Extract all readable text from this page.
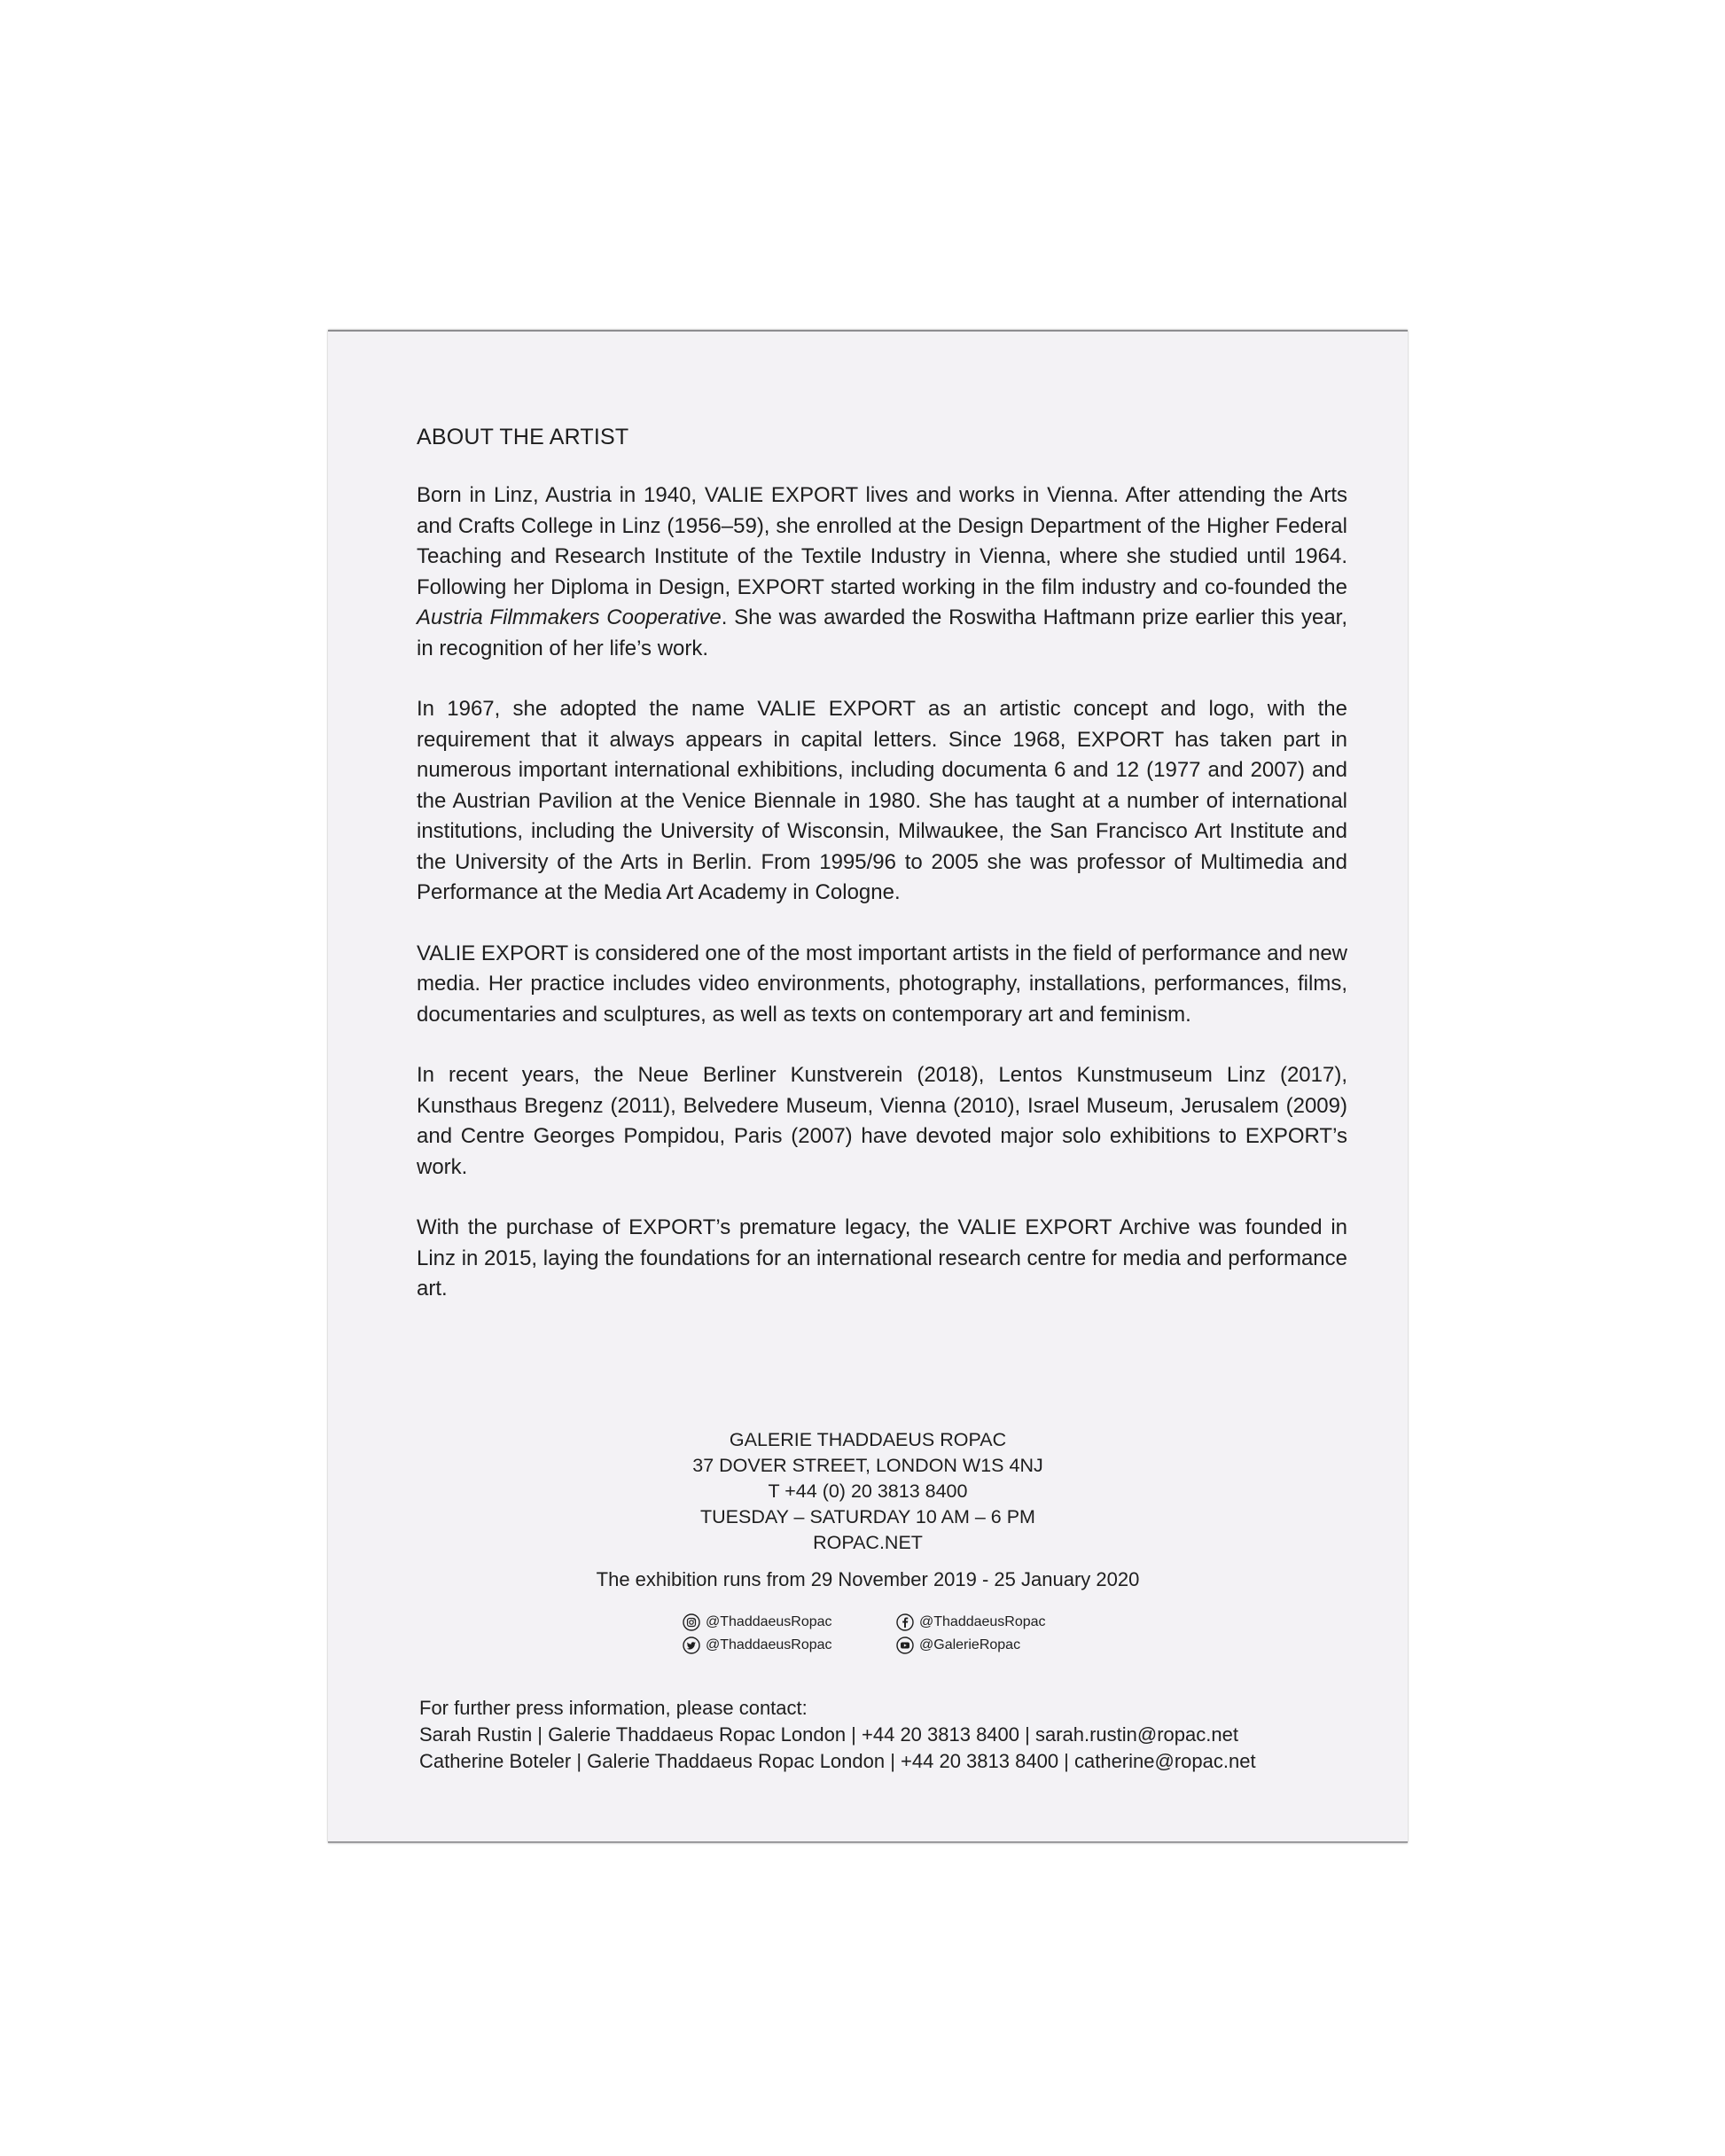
ABOUT THE ARTIST

Born in Linz, Austria in 1940, VALIE EXPORT lives and works in Vienna. After attending the Arts and Crafts College in Linz (1956–59), she enrolled at the Design Department of the Higher Federal Teaching and Research Institute of the Textile Industry in Vienna, where she studied until 1964. Following her Diploma in Design, EXPORT started working in the film industry and co-founded the Austria Filmmakers Cooperative. She was awarded the Roswitha Haftmann prize earlier this year, in recognition of her life’s work.

In 1967, she adopted the name VALIE EXPORT as an artistic concept and logo, with the requirement that it always appears in capital letters. Since 1968, EXPORT has taken part in numerous important international exhibitions, including documenta 6 and 12 (1977 and 2007) and the Austrian Pavilion at the Venice Biennale in 1980. She has taught at a number of international institutions, including the University of Wisconsin, Milwaukee, the San Francisco Art Institute and the University of the Arts in Berlin. From 1995/96 to 2005 she was professor of Multimedia and Performance at the Media Art Academy in Cologne.

VALIE EXPORT is considered one of the most important artists in the field of performance and new media. Her practice includes video environments, photography, installations, performances, films, documentaries and sculptures, as well as texts on contemporary art and feminism.

In recent years, the Neue Berliner Kunstverein (2018), Lentos Kunstmuseum Linz (2017), Kunsthaus Bregenz (2011), Belvedere Museum, Vienna (2010), Israel Museum, Jerusalem (2009) and Centre Georges Pompidou, Paris (2007) have devoted major solo exhibitions to EXPORT’s work.

With the purchase of EXPORT’s premature legacy, the VALIE EXPORT Archive was founded in Linz in 2015, laying the foundations for an international research centre for media and performance art.

GALERIE THADDAEUS ROPAC
37 DOVER STREET, LONDON W1S 4NJ
T +44 (0) 20 3813 8400
TUESDAY – SATURDAY 10 AM – 6 PM
ROPAC.NET
The exhibition runs from 29 November 2019 - 25 January 2020
@ThaddaeusRopac	@ThaddaeusRopac
@ThaddaeusRopac	@GalerieRopac
For further press information, please contact:
Sarah Rustin | Galerie Thaddaeus Ropac London | +44 20 3813 8400 | sarah.rustin@ropac.net
Catherine Boteler | Galerie Thaddaeus Ropac London | +44 20 3813 8400 | catherine@ropac.net
